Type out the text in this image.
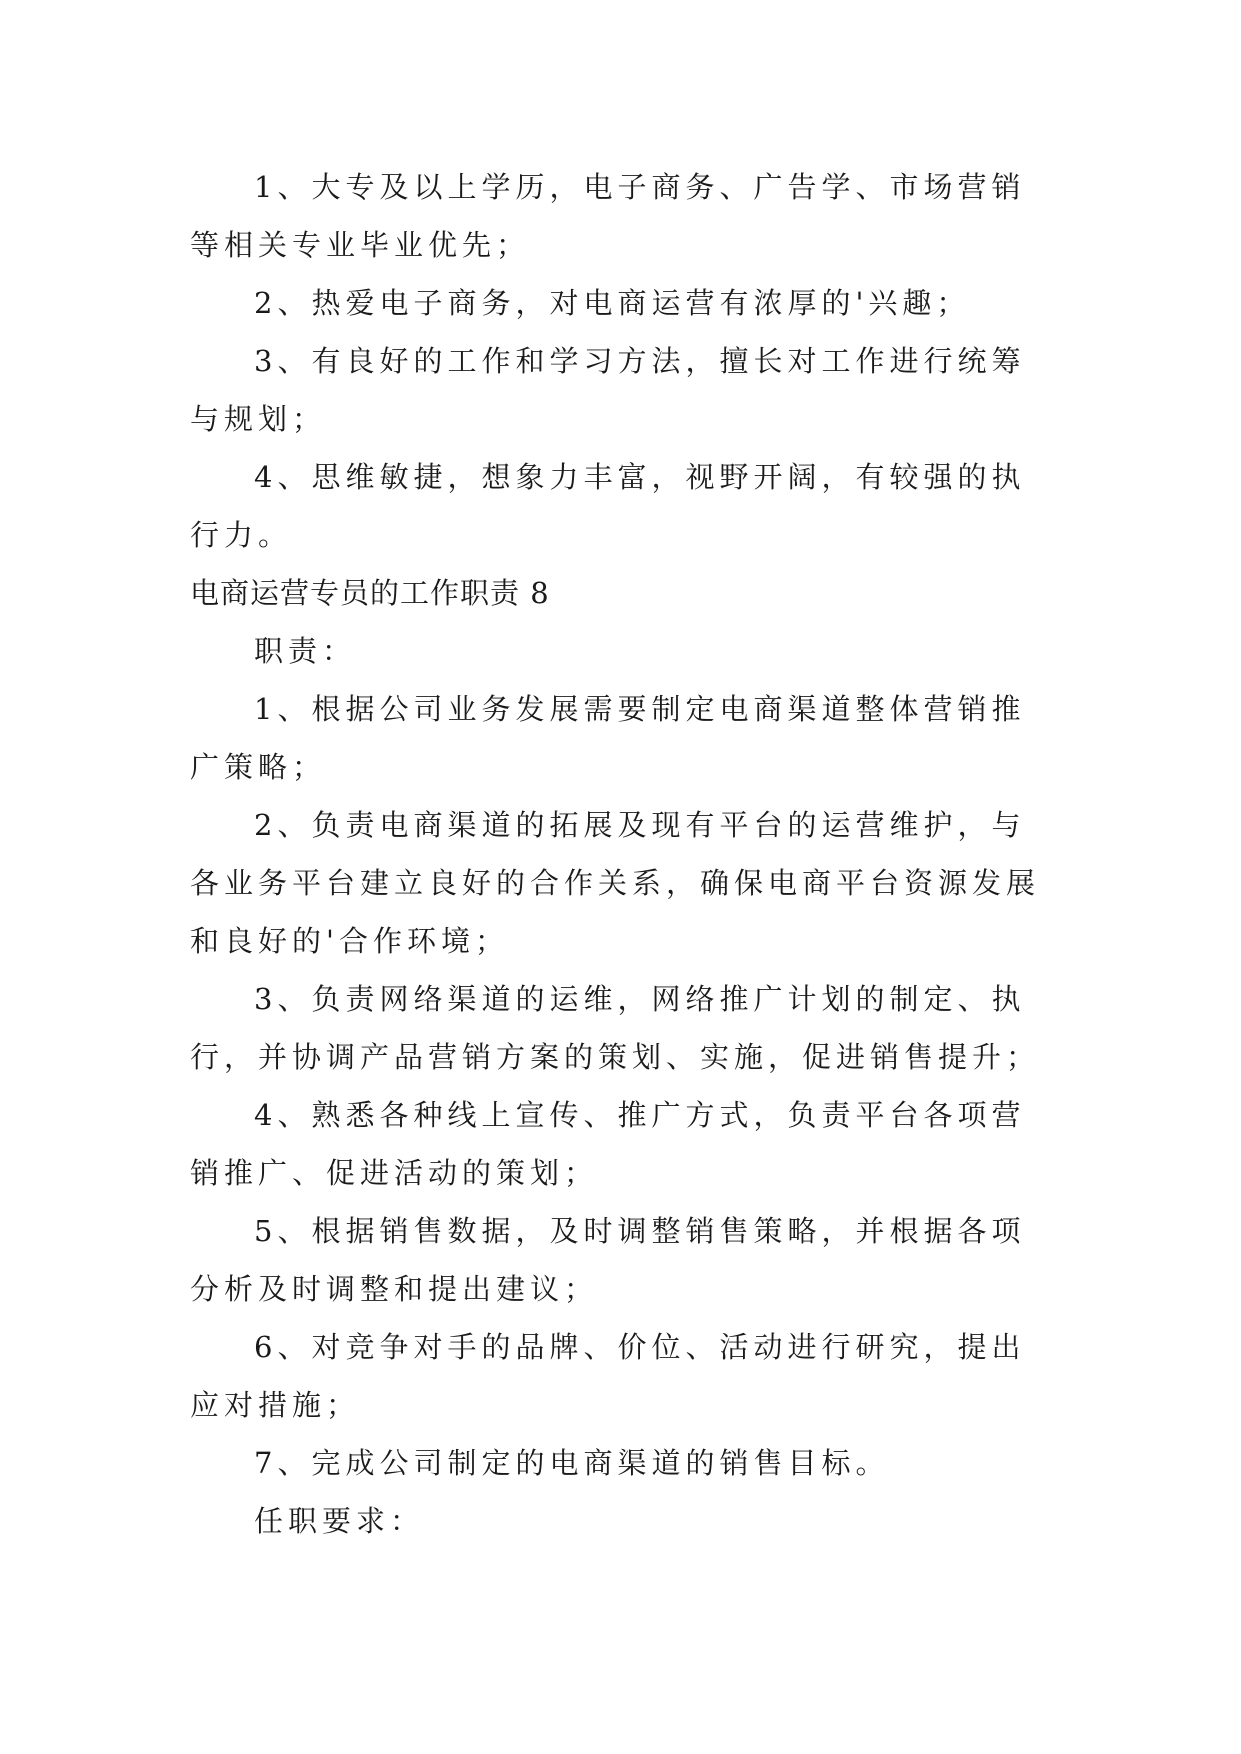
1、大专及以上学历，电子商务、广告学、市场营销等相关专业毕业优先；

2、热爱电子商务，对电商运营有浓厚的'兴趣；

3、有良好的工作和学习方法，擅长对工作进行统筹与规划；

4、思维敏捷，想象力丰富，视野开阔，有较强的执行力。

电商运营专员的工作职责 8

职责：

1、根据公司业务发展需要制定电商渠道整体营销推广策略；

2、负责电商渠道的拓展及现有平台的运营维护，与各业务平台建立良好的合作关系，确保电商平台资源发展和良好的'合作环境；

3、负责网络渠道的运维，网络推广计划的制定、执行，并协调产品营销方案的策划、实施，促进销售提升；

4、熟悉各种线上宣传、推广方式，负责平台各项营销推广、促进活动的策划；

5、根据销售数据，及时调整销售策略，并根据各项分析及时调整和提出建议；

6、对竞争对手的品牌、价位、活动进行研究，提出应对措施；

7、完成公司制定的电商渠道的销售目标。

任职要求：
